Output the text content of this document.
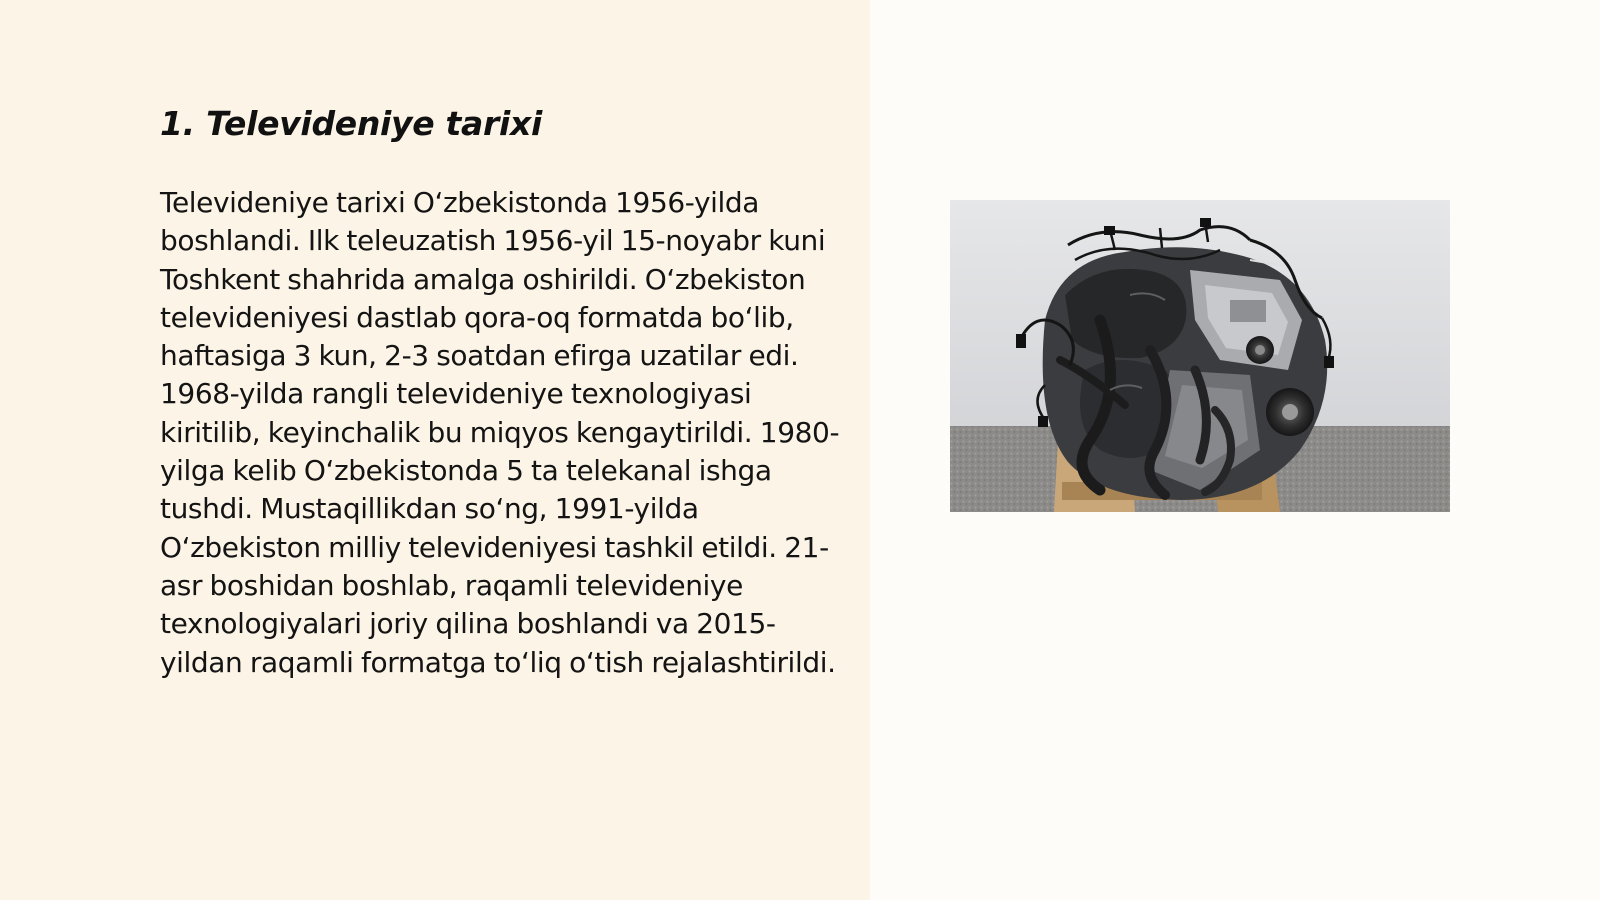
1. Televideniye tarixi

Televideniye tarixi O‘zbekistonda 1956-yilda boshlandi. Ilk teleuzatish 1956-yil 15-noyabr kuni Toshkent shahrida amalga oshirildi. O‘zbekiston televideniyesi dastlab qora-oq formatda bo‘lib, haftasiga 3 kun, 2-3 soatdan efirga uzatilar edi. 1968-yilda rangli televideniye texnologiyasi kiritilib, keyinchalik bu miqyos kengaytirildi. 1980-yilga kelib O‘zbekistonda 5 ta telekanal ishga tushdi. Mustaqillikdan so‘ng, 1991-yilda O‘zbekiston milliy televideniyesi tashkil etildi. 21-asr boshidan boshlab, raqamli televideniye texnologiyalari joriy qilina boshlandi va 2015-yildan raqamli formatga to‘liq o‘tish rejalashtirildi.
